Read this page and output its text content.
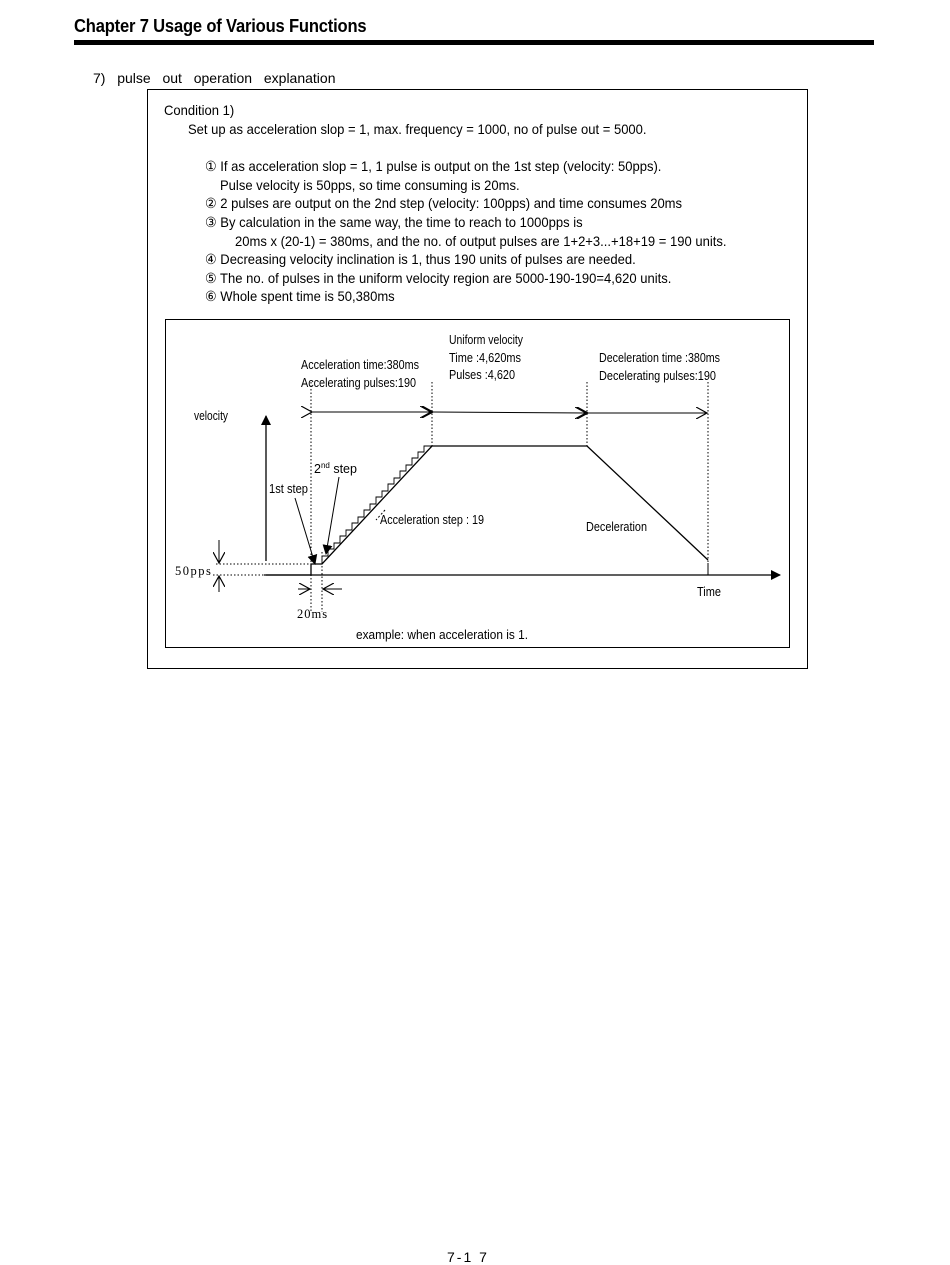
Chapter 7 Usage of Various Functions
7)  pulse  out  operation  explanation
Condition 1)
Set up as acceleration slop = 1, max. frequency = 1000, no of pulse out = 5000.
① If as acceleration slop = 1, 1 pulse is output on the 1st step (velocity: 50pps).
Pulse velocity is 50pps, so time consuming is 20ms.
② 2 pulses are output on the 2nd step (velocity: 100pps) and time consumes 20ms
③ By calculation in the same way, the time to reach to 1000pps is
20ms x (20-1) = 380ms, and the no. of output pulses are 1+2+3...+18+19 = 190 units.
④ Decreasing velocity inclination is 1, thus 190 units of pulses are needed.
⑤ The no. of pulses in the uniform velocity region are 5000-190-190=4,620 units.
⑥ Whole spent time is 50,380ms
Uniform velocity
Time :4,620ms
Pulses :4,620
Acceleration time:380ms
Accelerating pulses:190
Deceleration time :380ms
Decelerating pulses:190
velocity
2nd step
1st step
Acceleration step : 19	Deceleration
Time
example: when acceleration is 1.
50pps
20ms
7-1 7
